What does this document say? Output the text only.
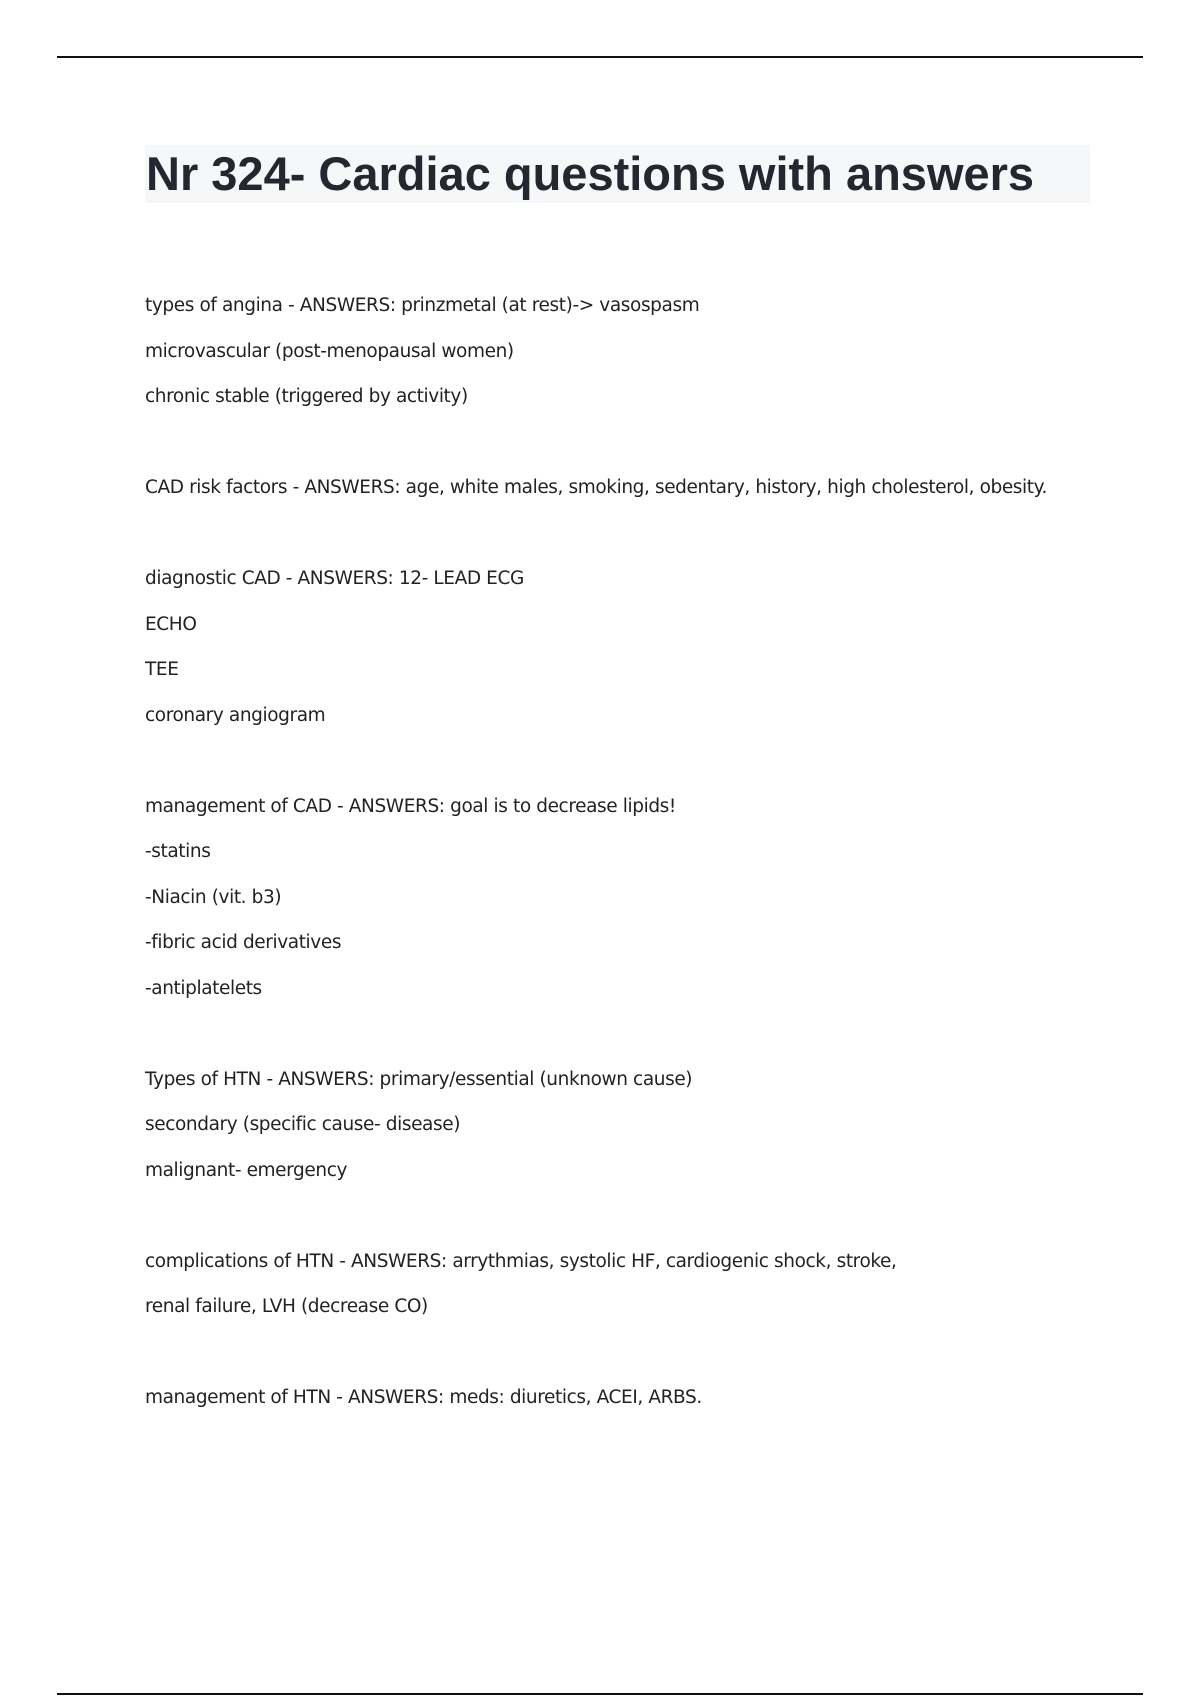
Nr 324- Cardiac questions with answers
types of angina - ANSWERS: prinzmetal (at rest)-> vasospasm
microvascular (post-menopausal women)
chronic stable (triggered by activity)
CAD risk factors - ANSWERS: age, white males, smoking, sedentary, history, high cholesterol, obesity.
diagnostic CAD - ANSWERS: 12- LEAD ECG
ECHO
TEE
coronary angiogram
management of CAD - ANSWERS: goal is to decrease lipids!
-statins
-Niacin (vit. b3)
-fibric acid derivatives
-antiplatelets
Types of HTN - ANSWERS: primary/essential (unknown cause)
secondary (specific cause- disease)
malignant- emergency
complications of HTN - ANSWERS: arrythmias, systolic HF, cardiogenic shock, stroke,
renal failure, LVH (decrease CO)
management of HTN - ANSWERS: meds: diuretics, ACEI, ARBS.
